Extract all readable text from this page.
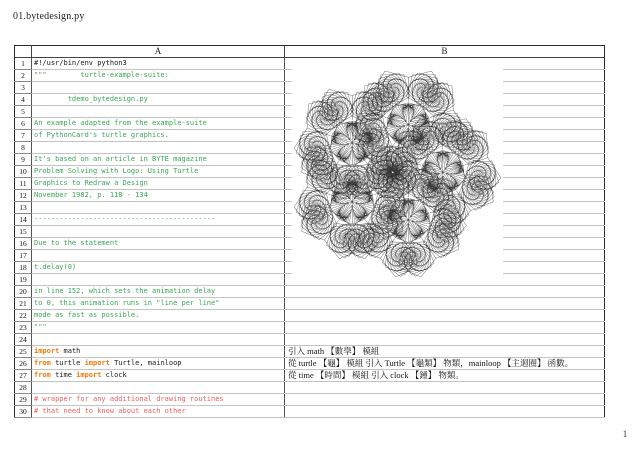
01.bytedesign.py
	A	B
1	#!/usr/bin/env python3	
2	"""        turtle-example-suite:	
3		
4	tdemo_bytedesign.py	
5		
6	An example adapted from the example-suite	
7	of PythonCard's turtle graphics.	
8		
9	It's based on an article in BYTE magazine	
10	Problem Solving with Logo: Using Turtle	
11	Graphics to Redraw a Design	
12	November 1982, p. 118 - 134	
13		
14	-------------------------------------------	
15		
16	Due to the statement	
17		
18	t.delay(0)	
19		
20	in line 152, which sets the animation delay	
21	to 0, this animation runs in "line per line"	
22	mode as fast as possible.	
23	"""	
24		
25	import math	引入 math 【數學】 模組
26	from turtle import Turtle, mainloop	從 turtle 【龜】 模組 引入 Turtle 【龜類】 物類，mainloop 【主迴圈】 函數。
27	from time import clock	從 time 【時間】 模組 引入 clock 【鐘】 物類。
28		
29	# wrapper for any additional drawing routines	
30	# that need to know about each other	
1
